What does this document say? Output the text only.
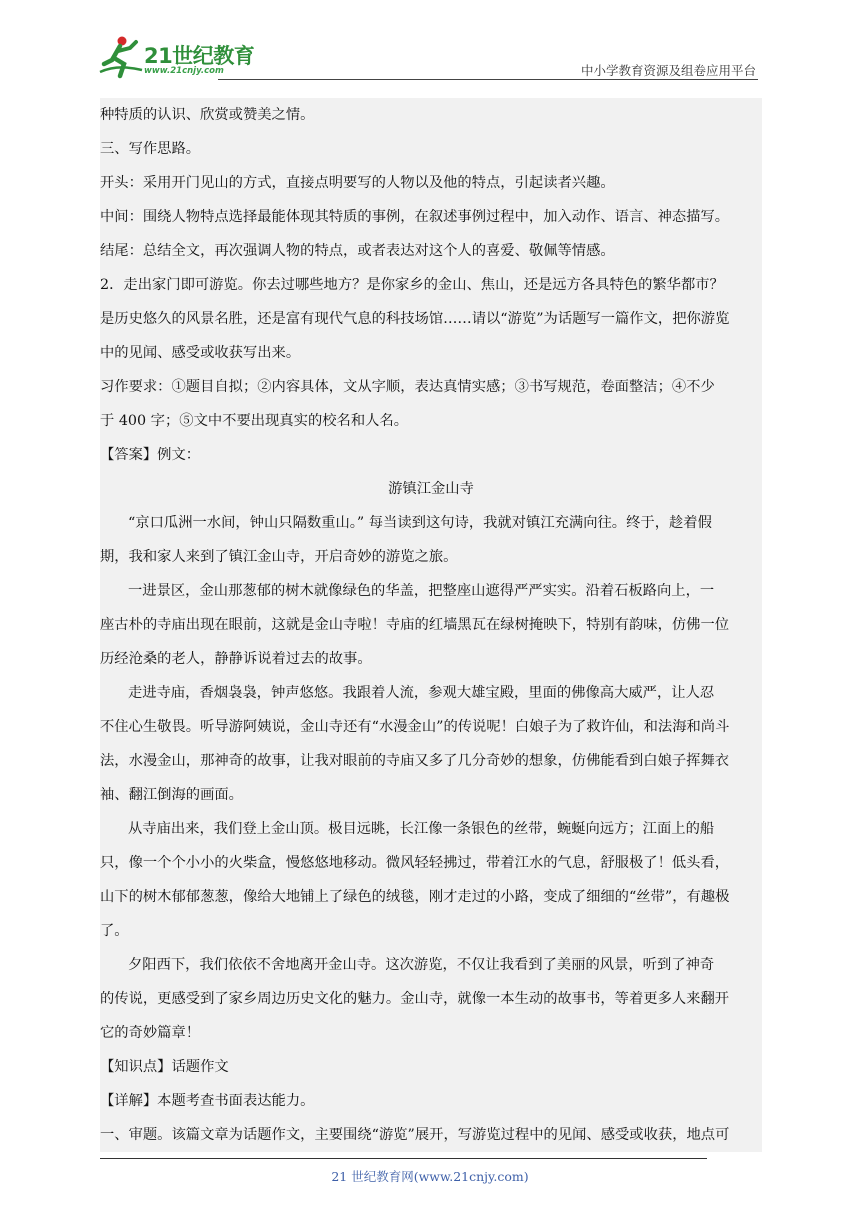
21世纪教育
www.21cnjy.com	中小学教育资源及组卷应用平台
种特质的认识、欣赏或赞美之情。
三、写作思路。
开头：采用开门见山的方式，直接点明要写的人物以及他的特点，引起读者兴趣。
中间：围绕人物特点选择最能体现其特质的事例，在叙述事例过程中，加入动作、语言、神态描写。
结尾：总结全文，再次强调人物的特点，或者表达对这个人的喜爱、敬佩等情感。
2．走出家门即可游览。你去过哪些地方？是你家乡的金山、焦山，还是远方各具特色的繁华都市？
是历史悠久的风景名胜，还是富有现代气息的科技场馆……请以“游览”为话题写一篇作文，把你游览
中的见闻、感受或收获写出来。
习作要求：①题目自拟；②内容具体，文从字顺，表达真情实感；③书写规范，卷面整洁；④不少
于 400 字；⑤文中不要出现真实的校名和人名。
【答案】例文：
游镇江金山寺
“京口瓜洲一水间，钟山只隔数重山。” 每当读到这句诗，我就对镇江充满向往。终于，趁着假
期，我和家人来到了镇江金山寺，开启奇妙的游览之旅。
一进景区，金山那葱郁的树木就像绿色的华盖，把整座山遮得严严实实。沿着石板路向上，一
座古朴的寺庙出现在眼前，这就是金山寺啦！寺庙的红墙黑瓦在绿树掩映下，特别有韵味，仿佛一位
历经沧桑的老人，静静诉说着过去的故事。
走进寺庙，香烟袅袅，钟声悠悠。我跟着人流，参观大雄宝殿，里面的佛像高大威严，让人忍
不住心生敬畏。听导游阿姨说，金山寺还有“水漫金山”的传说呢！白娘子为了救许仙，和法海和尚斗
法，水漫金山，那神奇的故事，让我对眼前的寺庙又多了几分奇妙的想象，仿佛能看到白娘子挥舞衣
袖、翻江倒海的画面。
从寺庙出来，我们登上金山顶。极目远眺，长江像一条银色的丝带，蜿蜒向远方；江面上的船
只，像一个个小小的火柴盒，慢悠悠地移动。微风轻轻拂过，带着江水的气息，舒服极了！低头看，
山下的树木郁郁葱葱，像给大地铺上了绿色的绒毯，刚才走过的小路，变成了细细的“丝带”，有趣极
了。
夕阳西下，我们依依不舍地离开金山寺。这次游览，不仅让我看到了美丽的风景，听到了神奇
的传说，更感受到了家乡周边历史文化的魅力。金山寺，就像一本生动的故事书，等着更多人来翻开
它的奇妙篇章！
【知识点】话题作文
【详解】本题考查书面表达能力。
一、审题。该篇文章为话题作文，主要围绕“游览”展开，写游览过程中的见闻、感受或收获，地点可
21 世纪教育网(www.21cnjy.com)
